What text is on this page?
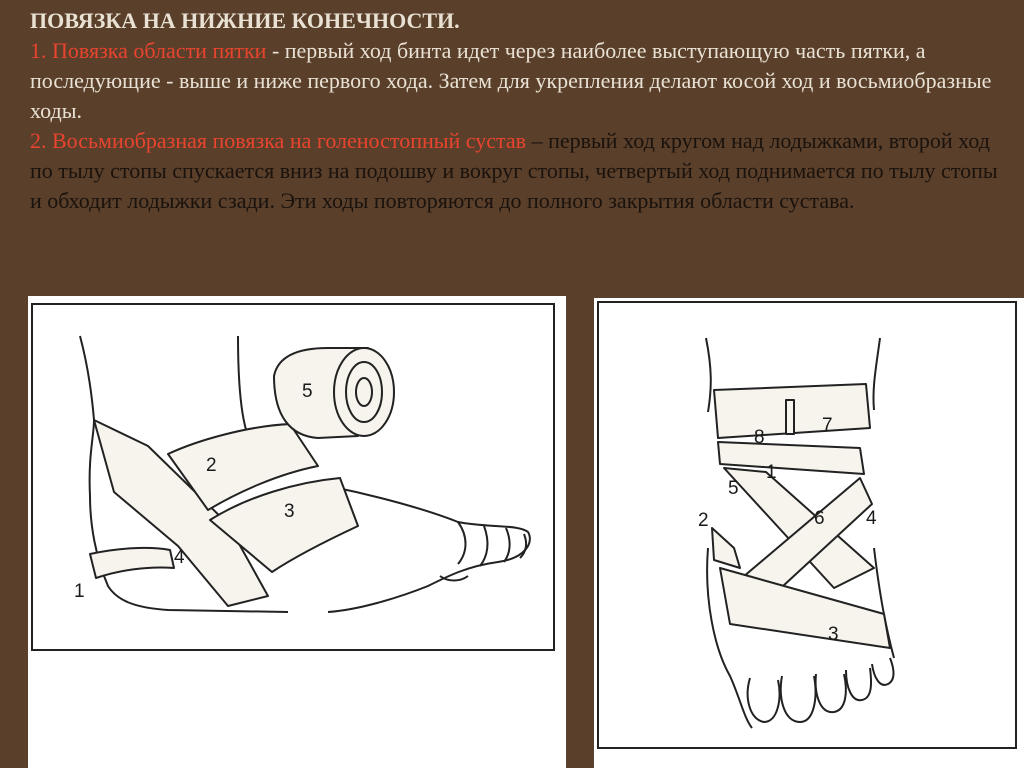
ПОВЯЗКА НА НИЖНИЕ КОНЕЧНОСТИ.

1. Повязка области пятки - первый ход бинта идет через наиболее выступающую часть пятки, а последующие - выше и ниже первого хода. Затем для укрепления делают косой ход и восьмиобразные ходы.

2. Восьмиобразная повязка на голеностопный сустав – первый ход кругом над лодыжками, второй ход по тылу стопы спускается вниз на подошву и вокруг стопы, четвертый ход поднимается по тылу стопы и обходит лодыжки сзади. Эти ходы повторяются до полного закрытия области сустава.

5
2
3
4
1
8
7
1
5
6
2	4
3
